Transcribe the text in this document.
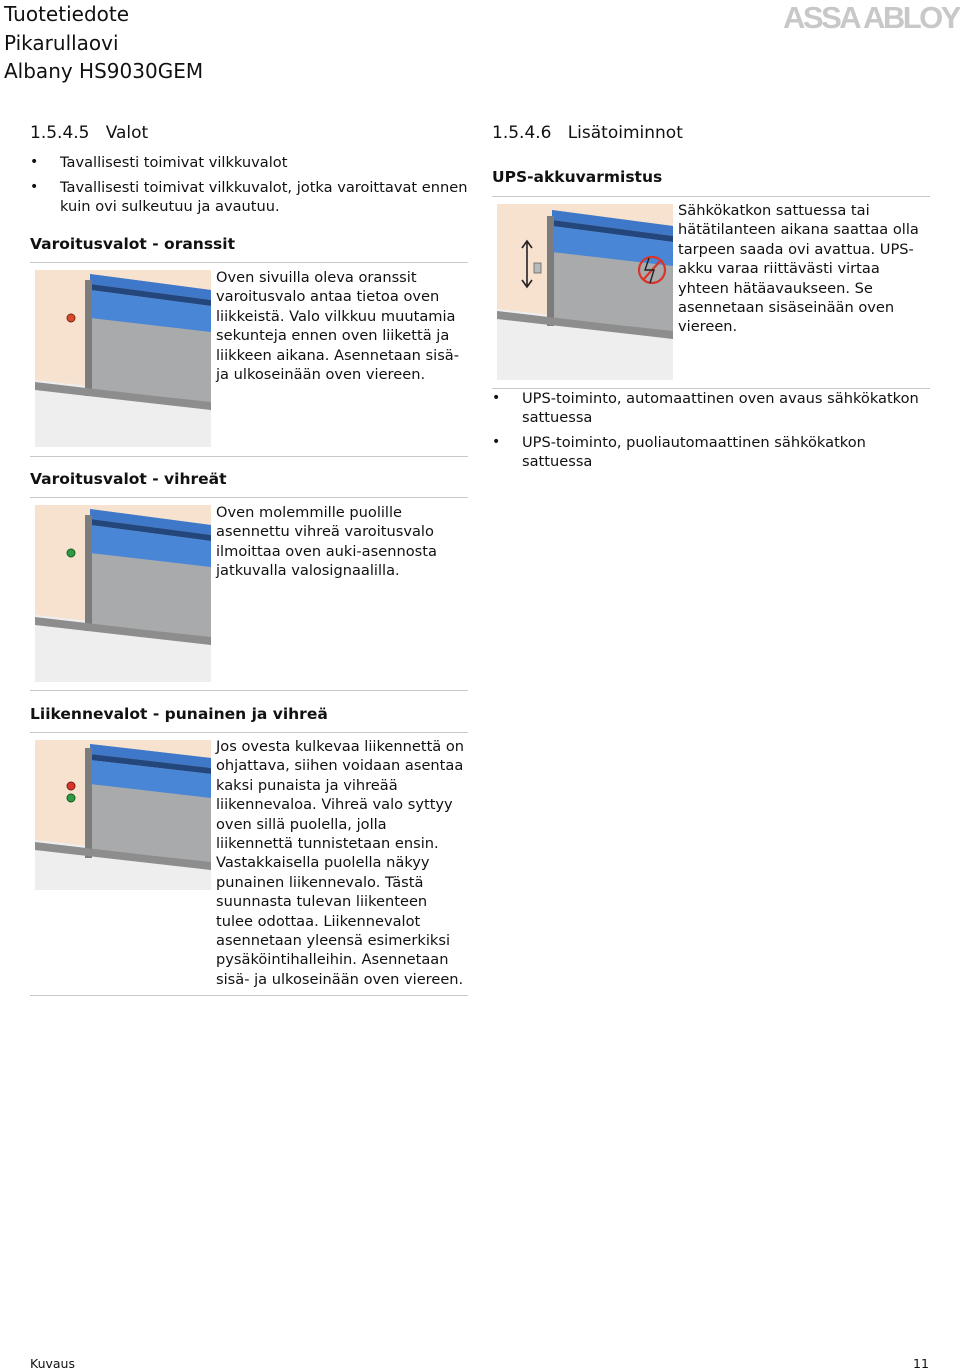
Tuotetiedote
Pikarullaovi
Albany HS9030GEM
ASSA ABLOY
1.5.4.5 Valot
• Tavallisesti toimivat vilkkuvalot
• Tavallisesti toimivat vilkkuvalot, jotka varoittavat ennen kuin ovi sulkeutuu ja avautuu.
Varoitusvalot - oranssit
Oven sivuilla oleva oranssit varoitusvalo antaa tietoa oven liikkeistä. Valo vilkkuu muutamia sekunteja ennen oven liikettä ja liikkeen aikana. Asennetaan sisä- ja ulkoseinään oven viereen.
Varoitusvalot - vihreät
Oven molemmille puolille asennettu vihreä varoitusvalo ilmoittaa oven auki-asennosta jatkuvalla valosignaalilla.
Liikennevalot - punainen ja vihreä
Jos ovesta kulkevaa liikennettä on ohjattava, siihen voidaan asentaa kaksi punaista ja vihreää liikennevaloa. Vihreä valo syttyy oven sillä puolella, jolla liikennettä tunnistetaan ensin. Vastakkaisella puolella näkyy punainen liikennevalo. Tästä suunnasta tulevan liikenteen tulee odottaa. Liikennevalot asennetaan yleensä esimerkiksi pysäköintihalleihin. Asennetaan sisä- ja ulkoseinään oven viereen.
1.5.4.6 Lisätoiminnot
UPS-akkuvarmistus
Sähkökatkon sattuessa tai hätätilanteen aikana saattaa olla tarpeen saada ovi avattua. UPS-akku varaa riittävästi virtaa yhteen hätäavaukseen. Se asennetaan sisäseinään oven viereen.
• UPS-toiminto, automaattinen oven avaus sähkökatkon sattuessa
• UPS-toiminto, puoliautomaattinen sähkökatkon sattuessa
Kuvaus	11
